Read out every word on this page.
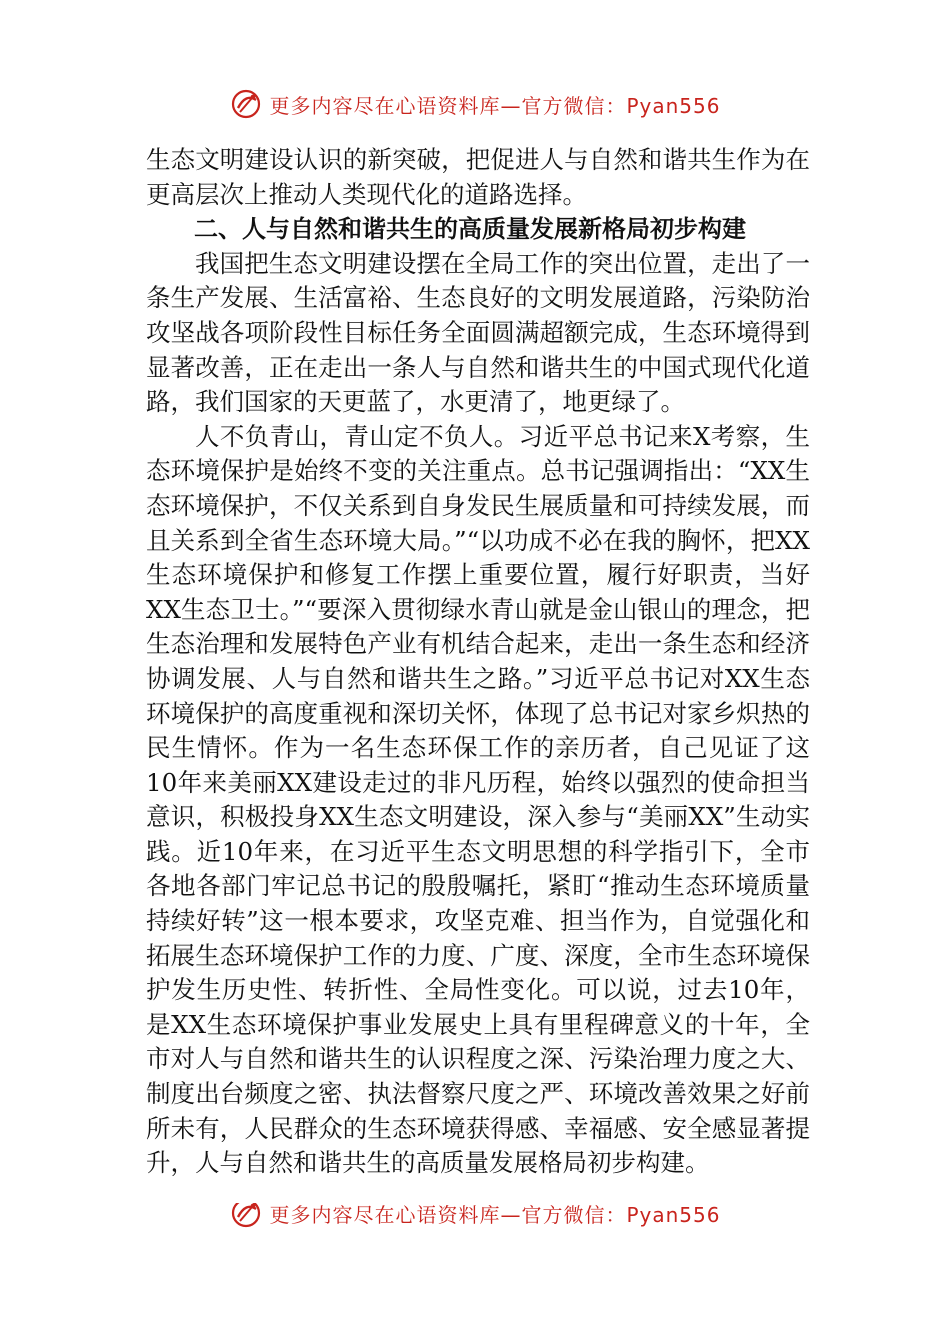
更多内容尽在心语资料库—官方微信：Pyan556

生态文明建设认识的新突破，把促进人与自然和谐共生作为在更高层次上推动人类现代化的道路选择。

二、人与自然和谐共生的高质量发展新格局初步构建

我国把生态文明建设摆在全局工作的突出位置，走出了一条生产发展、生活富裕、生态良好的文明发展道路，污染防治攻坚战各项阶段性目标任务全面圆满超额完成，生态环境得到显著改善，正在走出一条人与自然和谐共生的中国式现代化道路，我们国家的天更蓝了，水更清了，地更绿了。

人不负青山，青山定不负人。习近平总书记来X考察，生态环境保护是始终不变的关注重点。总书记强调指出：“XX生态环境保护，不仅关系到自身发民生展质量和可持续发展，而且关系到全省生态环境大局。”“以功成不必在我的胸怀，把XX生态环境保护和修复工作摆上重要位置，履行好职责，当好XX生态卫士。”“要深入贯彻绿水青山就是金山银山的理念，把生态治理和发展特色产业有机结合起来，走出一条生态和经济协调发展、人与自然和谐共生之路。”习近平总书记对XX生态环境保护的高度重视和深切关怀，体现了总书记对家乡炽热的民生情怀。作为一名生态环保工作的亲历者，自己见证了这10年来美丽XX建设走过的非凡历程，始终以强烈的使命担当意识，积极投身XX生态文明建设，深入参与“美丽XX”生动实践。近10年来，在习近平生态文明思想的科学指引下，全市各地各部门牢记总书记的殷殷嘱托，紧盯“推动生态环境质量持续好转”这一根本要求，攻坚克难、担当作为，自觉强化和拓展生态环境保护工作的力度、广度、深度，全市生态环境保护发生历史性、转折性、全局性变化。可以说，过去10年，是XX生态环境保护事业发展史上具有里程碑意义的十年，全市对人与自然和谐共生的认识程度之深、污染治理力度之大、制度出台频度之密、执法督察尺度之严、环境改善效果之好前所未有，人民群众的生态环境获得感、幸福感、安全感显著提升，人与自然和谐共生的高质量发展格局初步构建。

更多内容尽在心语资料库—官方微信：Pyan556
